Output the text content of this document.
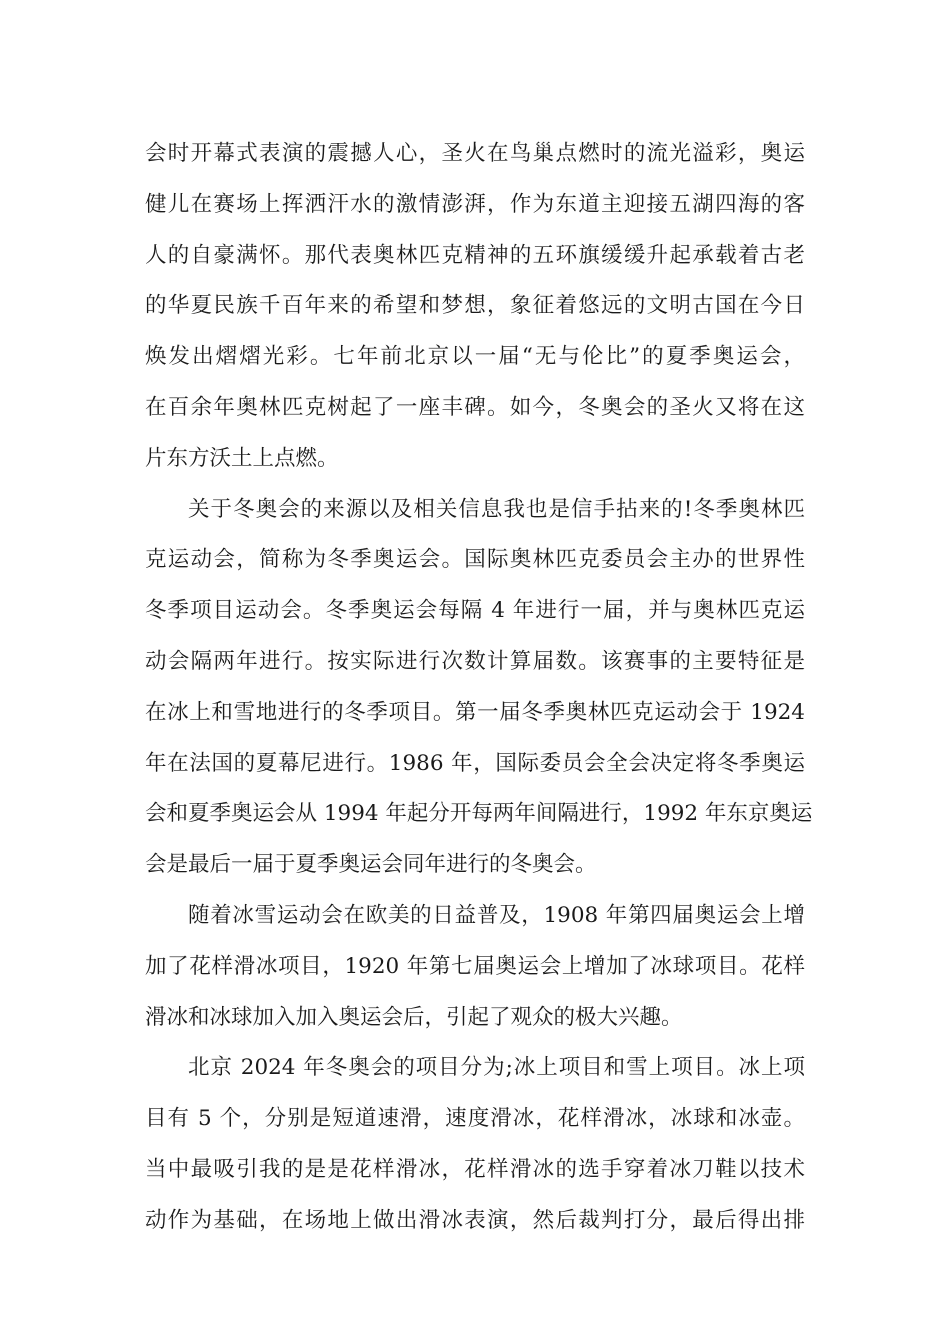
会时开幕式表演的震撼人心，圣火在鸟巢点燃时的流光溢彩，奥运
健儿在赛场上挥洒汗水的激情澎湃，作为东道主迎接五湖四海的客
人的自豪满怀。那代表奥林匹克精神的五环旗缓缓升起承载着古老
的华夏民族千百年来的希望和梦想，象征着悠远的文明古国在今日
焕发出熠熠光彩。七年前北京以一届“无与伦比”的夏季奥运会，
在百余年奥林匹克树起了一座丰碑。如今，冬奥会的圣火又将在这
片东方沃土上点燃。
关于冬奥会的来源以及相关信息我也是信手拈来的!冬季奥林匹
克运动会，简称为冬季奥运会。国际奥林匹克委员会主办的世界性
冬季项目运动会。冬季奥运会每隔 4 年进行一届，并与奥林匹克运
动会隔两年进行。按实际进行次数计算届数。该赛事的主要特征是
在冰上和雪地进行的冬季项目。第一届冬季奥林匹克运动会于 1924
年在法国的夏幕尼进行。1986 年，国际委员会全会决定将冬季奥运
会和夏季奥运会从 1994 年起分开每两年间隔进行，1992 年东京奥运
会是最后一届于夏季奥运会同年进行的冬奥会。
随着冰雪运动会在欧美的日益普及，1908 年第四届奥运会上增
加了花样滑冰项目，1920 年第七届奥运会上增加了冰球项目。花样
滑冰和冰球加入加入奥运会后，引起了观众的极大兴趣。
北京 2024 年冬奥会的项目分为;冰上项目和雪上项目。冰上项
目有 5 个，分别是短道速滑，速度滑冰，花样滑冰，冰球和冰壶。
当中最吸引我的是是花样滑冰，花样滑冰的选手穿着冰刀鞋以技术
动作为基础，在场地上做出滑冰表演，然后裁判打分，最后得出排
